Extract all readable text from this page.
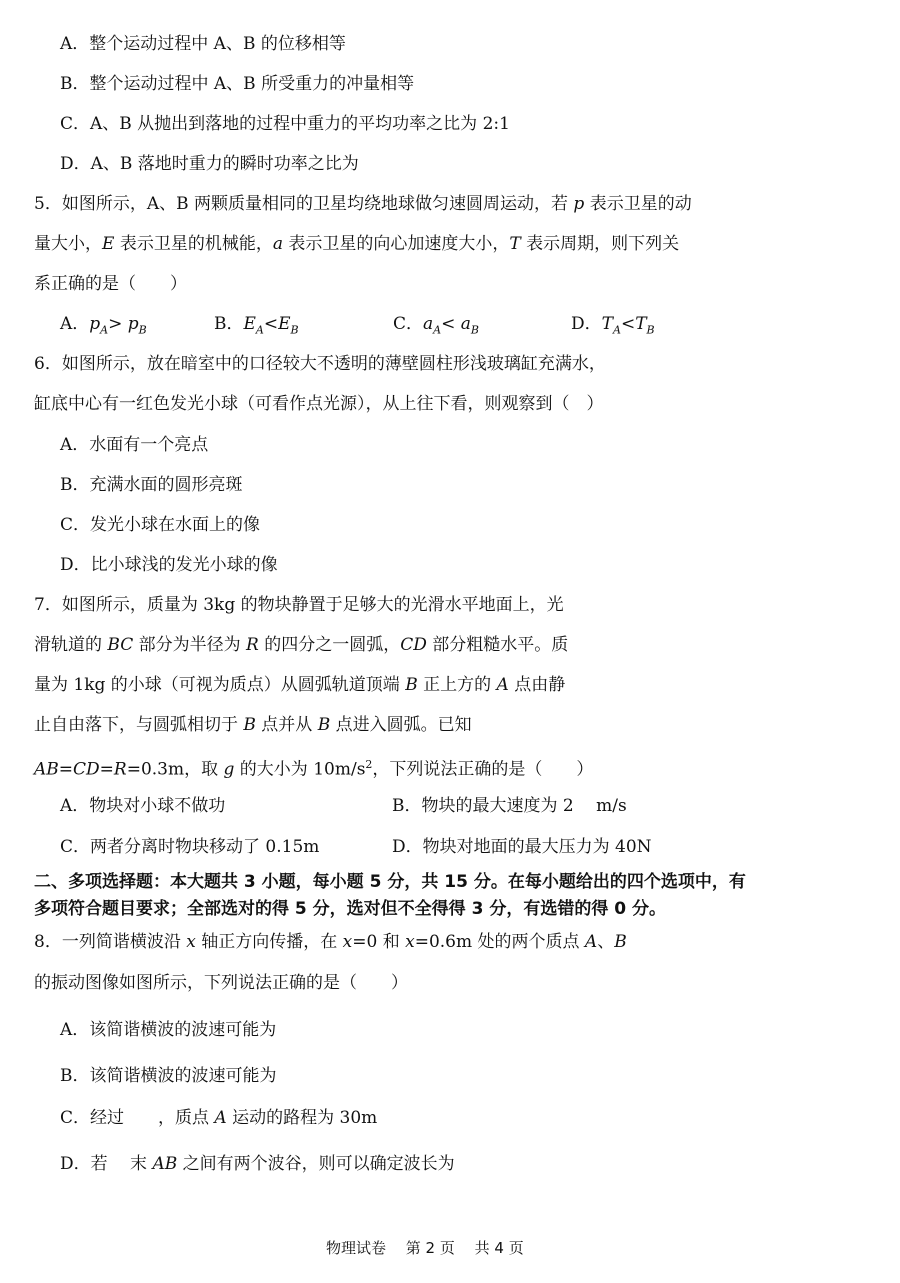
A．整个运动过程中 A、B 的位移相等
B．整个运动过程中 A、B 所受重力的冲量相等
C．A、B 从抛出到落地的过程中重力的平均功率之比为 2:1
D．A、B 落地时重力的瞬时功率之比为
5．如图所示，A、B 两颗质量相同的卫星均绕地球做匀速圆周运动，若 p 表示卫星的动
量大小，E 表示卫星的机械能，a 表示卫星的向心加速度大小，T 表示周期，则下列关
系正确的是（　　）
A．$p_A> p_B$	B．$E_A<E_B$	C．$a_A< a_B$	D．$T_A<T_B$
6．如图所示，放在暗室中的口径较大不透明的薄壁圆柱形浅玻璃缸充满水，
缸底中心有一红色发光小球（可看作点光源），从上往下看，则观察到（　）
A．水面有一个亮点
B．充满水面的圆形亮斑
C．发光小球在水面上的像
D．比小球浅的发光小球的像
7．如图所示，质量为 3kg 的物块静置于足够大的光滑水平地面上，光
滑轨道的 BC 部分为半径为 R 的四分之一圆弧，CD 部分粗糙水平。质
量为 1kg 的小球（可视为质点）从圆弧轨道顶端 B 正上方的 A 点由静
止自由落下，与圆弧相切于 B 点并从 B 点进入圆弧。已知
AB=CD=R=0.3m，取 g 的大小为 $10m/s^2$，下列说法正确的是（　　）
A．物块对小球不做功	B．物块的最大速度为 2　 m/s
C．两者分离时物块移动了 0.15m	D．物块对地面的最大压力为 40N
二、多项选择题：本大题共 3 小题，每小题 5 分，共 15 分。在每小题给出的四个选项中，有
多项符合题目要求；全部选对的得 5 分，选对但不全得得 3 分，有选错的得 0 分。
8．一列简谐横波沿 x 轴正方向传播，在 x=0 和 x=0.6m 处的两个质点 A、B
的振动图像如图所示，下列说法正确的是（　　）
A．该简谐横波的波速可能为
B．该简谐横波的波速可能为
C．经过　　，质点 A 运动的路程为 30m
D．若　 末 AB 之间有两个波谷，则可以确定波长为
物理试卷　 第 2 页　 共 4 页
